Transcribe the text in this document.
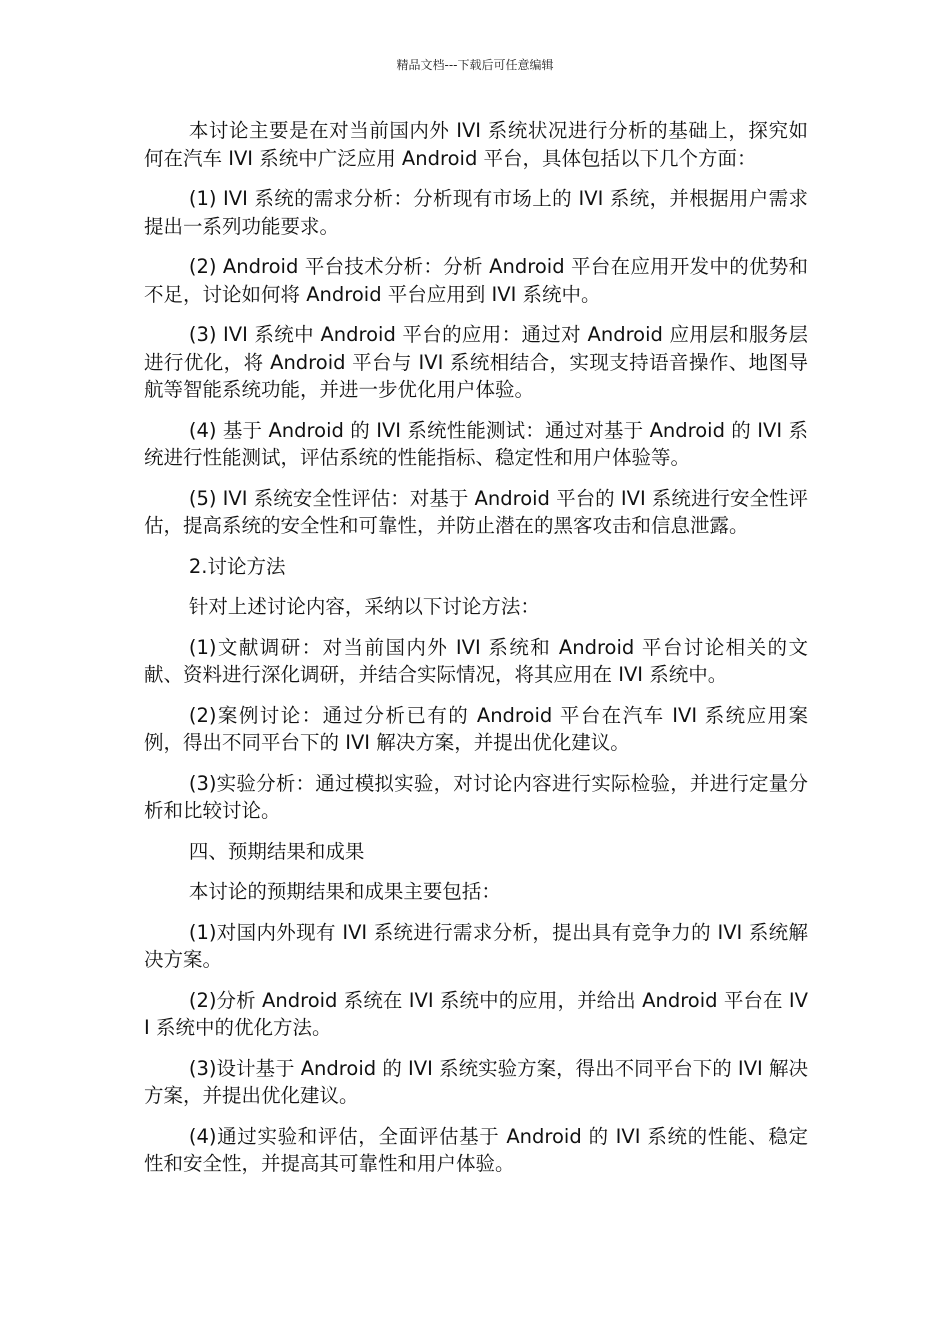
精品文档---下载后可任意编辑

本讨论主要是在对当前国内外 IVI 系统状况进行分析的基础上，探究如何在汽车 IVI 系统中广泛应用 Android 平台，具体包括以下几个方面：

(1) IVI 系统的需求分析：分析现有市场上的 IVI 系统，并根据用户需求提出一系列功能要求。

(2) Android 平台技术分析：分析 Android 平台在应用开发中的优势和不足，讨论如何将 Android 平台应用到 IVI 系统中。

(3) IVI 系统中 Android 平台的应用：通过对 Android 应用层和服务层进行优化，将 Android 平台与 IVI 系统相结合，实现支持语音操作、地图导航等智能系统功能，并进一步优化用户体验。

(4) 基于 Android 的 IVI 系统性能测试：通过对基于 Android 的 IVI 系统进行性能测试，评估系统的性能指标、稳定性和用户体验等。

(5) IVI 系统安全性评估：对基于 Android 平台的 IVI 系统进行安全性评估，提高系统的安全性和可靠性，并防止潜在的黑客攻击和信息泄露。

2.讨论方法

针对上述讨论内容，采纳以下讨论方法：

(1)文献调研：对当前国内外 IVI 系统和 Android 平台讨论相关的文献、资料进行深化调研，并结合实际情况，将其应用在 IVI 系统中。

(2)案例讨论：通过分析已有的 Android 平台在汽车 IVI 系统应用案例，得出不同平台下的 IVI 解决方案，并提出优化建议。

(3)实验分析：通过模拟实验，对讨论内容进行实际检验，并进行定量分析和比较讨论。

四、预期结果和成果

本讨论的预期结果和成果主要包括：

(1)对国内外现有 IVI 系统进行需求分析，提出具有竞争力的 IVI 系统解决方案。

(2)分析 Android 系统在 IVI 系统中的应用，并给出 Android 平台在 IVI 系统中的优化方法。

(3)设计基于 Android 的 IVI 系统实验方案，得出不同平台下的 IVI 解决方案，并提出优化建议。

(4)通过实验和评估，全面评估基于 Android 的 IVI 系统的性能、稳定性和安全性，并提高其可靠性和用户体验。
